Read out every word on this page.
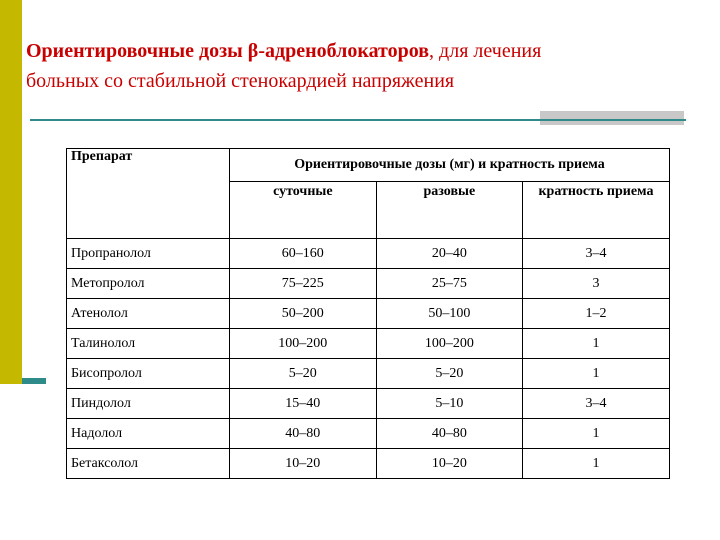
Ориентировочные дозы β-адреноблокаторов, для лечения
больных со стабильной стенокардией напряжения
Препарат	Ориентировочные дозы (мг) и кратность приема		
	суточные	разовые	кратность приема
Пропранолол	60–160	20–40	3–4
Метопролол	75–225	25–75	3
Атенолол	50–200	50–100	1–2
Талинолол	100–200	100–200	1
Бисопролол	5–20	5–20	1
Пиндолол	15–40	5–10	3–4
Надолол	40–80	40–80	1
Бетаксолол	10–20	10–20	1
